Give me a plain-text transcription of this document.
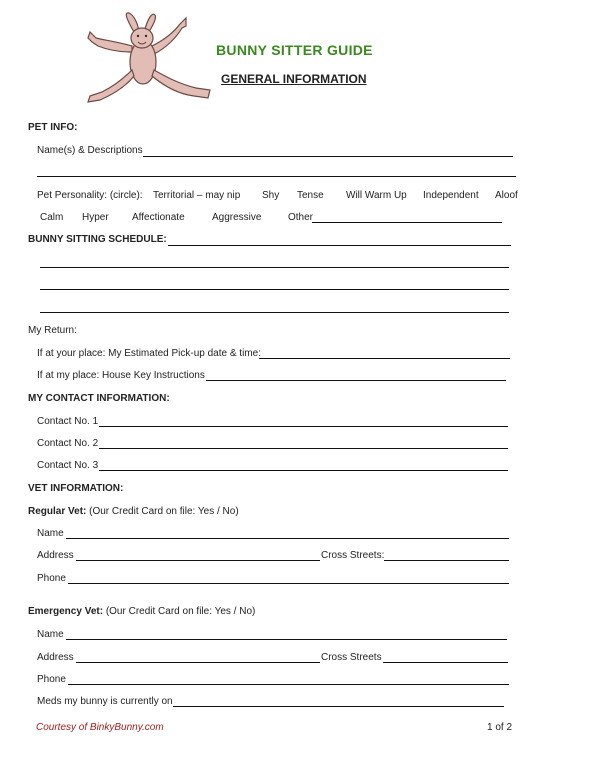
BUNNY SITTER GUIDE
GENERAL INFORMATION
PET INFO:
Name(s) & Descriptions
Pet Personality: (circle): Territorial – may nip Shy Tense Will Warm Up Independent Aloof
Calm Hyper Affectionate	Aggressive	Other
BUNNY SITTING SCHEDULE:
My Return:
If at your place: My Estimated Pick-up date & time:
If at my place: House Key Instructions
MY CONTACT INFORMATION:
Contact No. 1
Contact No. 2
Contact No. 3
VET INFORMATION:
Regular Vet: (Our Credit Card on file: Yes / No)
Name
Address	Cross Streets:
Phone
Emergency Vet: (Our Credit Card on file: Yes / No)
Name
Address	Cross Streets
Phone
Meds my bunny is currently on
Courtesy of BinkyBunny.com	1 of 2
